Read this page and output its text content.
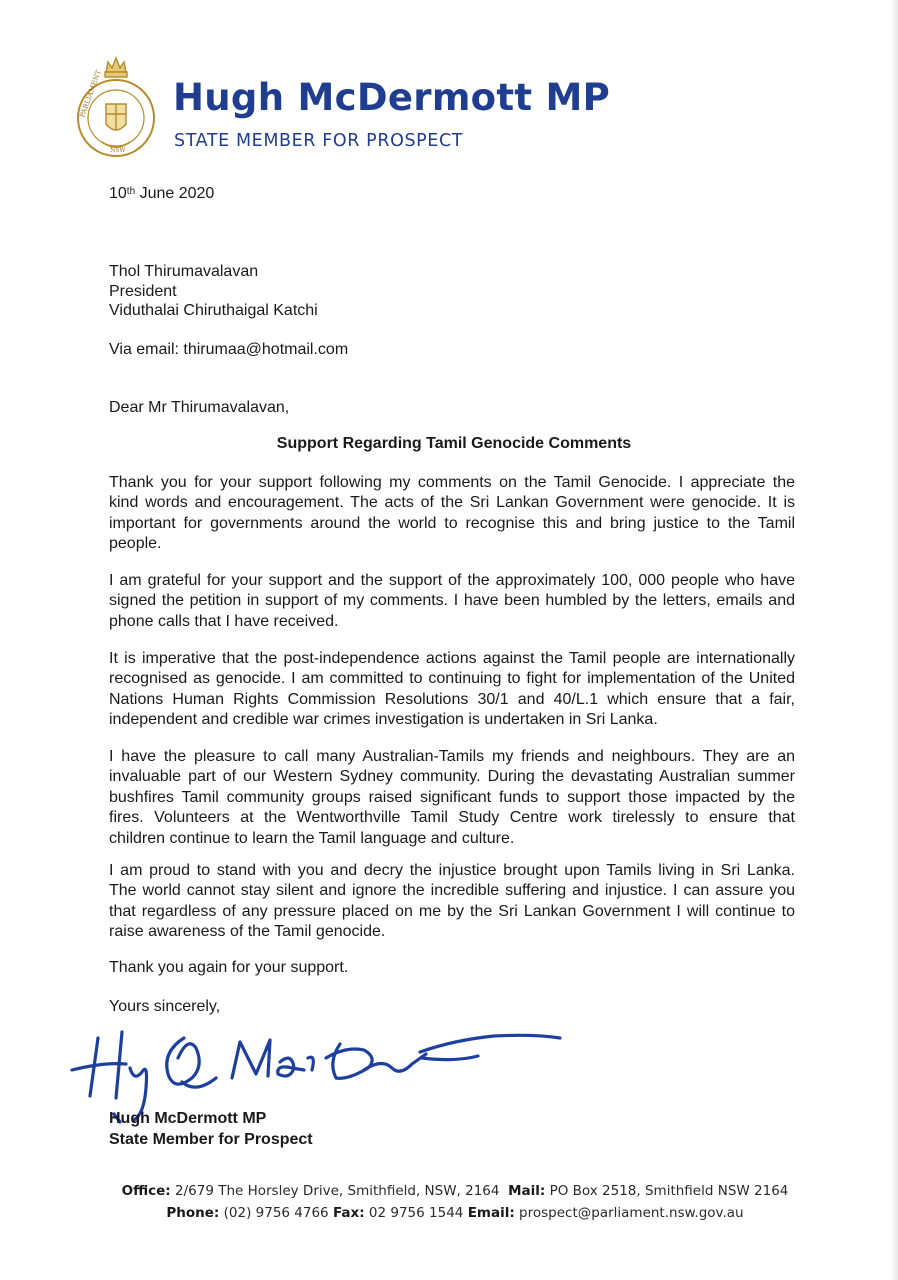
PARLIAMENT
NSW
Hugh McDermott MP
STATE MEMBER FOR PROSPECT
10th June 2020
Thol Thirumavalavan
President
Viduthalai Chiruthaigal Katchi
Via email: thirumaa@hotmail.com
Dear Mr Thirumavalavan,
Support Regarding Tamil Genocide Comments

Thank you for your support following my comments on the Tamil Genocide. I appreciate the
kind words and encouragement. The acts of the Sri Lankan Government were genocide. It is
important for governments around the world to recognise this and bring justice to the Tamil
people.

I am grateful for your support and the support of the approximately 100, 000 people who have
signed the petition in support of my comments. I have been humbled by the letters, emails and
phone calls that I have received.

It is imperative that the post-independence actions against the Tamil people are internationally
recognised as genocide. I am committed to continuing to fight for implementation of the United
Nations Human Rights Commission Resolutions 30/1 and 40/L.1 which ensure that a fair,
independent and credible war crimes investigation is undertaken in Sri Lanka.

I have the pleasure to call many Australian-Tamils my friends and neighbours. They are an
invaluable part of our Western Sydney community. During the devastating Australian summer
bushfires Tamil community groups raised significant funds to support those impacted by the
fires. Volunteers at the Wentworthville Tamil Study Centre work tirelessly to ensure that
children continue to learn the Tamil language and culture.

I am proud to stand with you and decry the injustice brought upon Tamils living in Sri Lanka.
The world cannot stay silent and ignore the incredible suffering and injustice. I can assure you
that regardless of any pressure placed on me by the Sri Lankan Government I will continue to
raise awareness of the Tamil genocide.

Thank you again for your support.
Yours sincerely,
Hugh McDermott MP
State Member for Prospect
Office: 2/679 The Horsley Drive, Smithfield, NSW, 2164 Mail: PO Box 2518, Smithfield NSW 2164
Phone: (02) 9756 4766 Fax: 02 9756 1544 Email: prospect@parliament.nsw.gov.au
